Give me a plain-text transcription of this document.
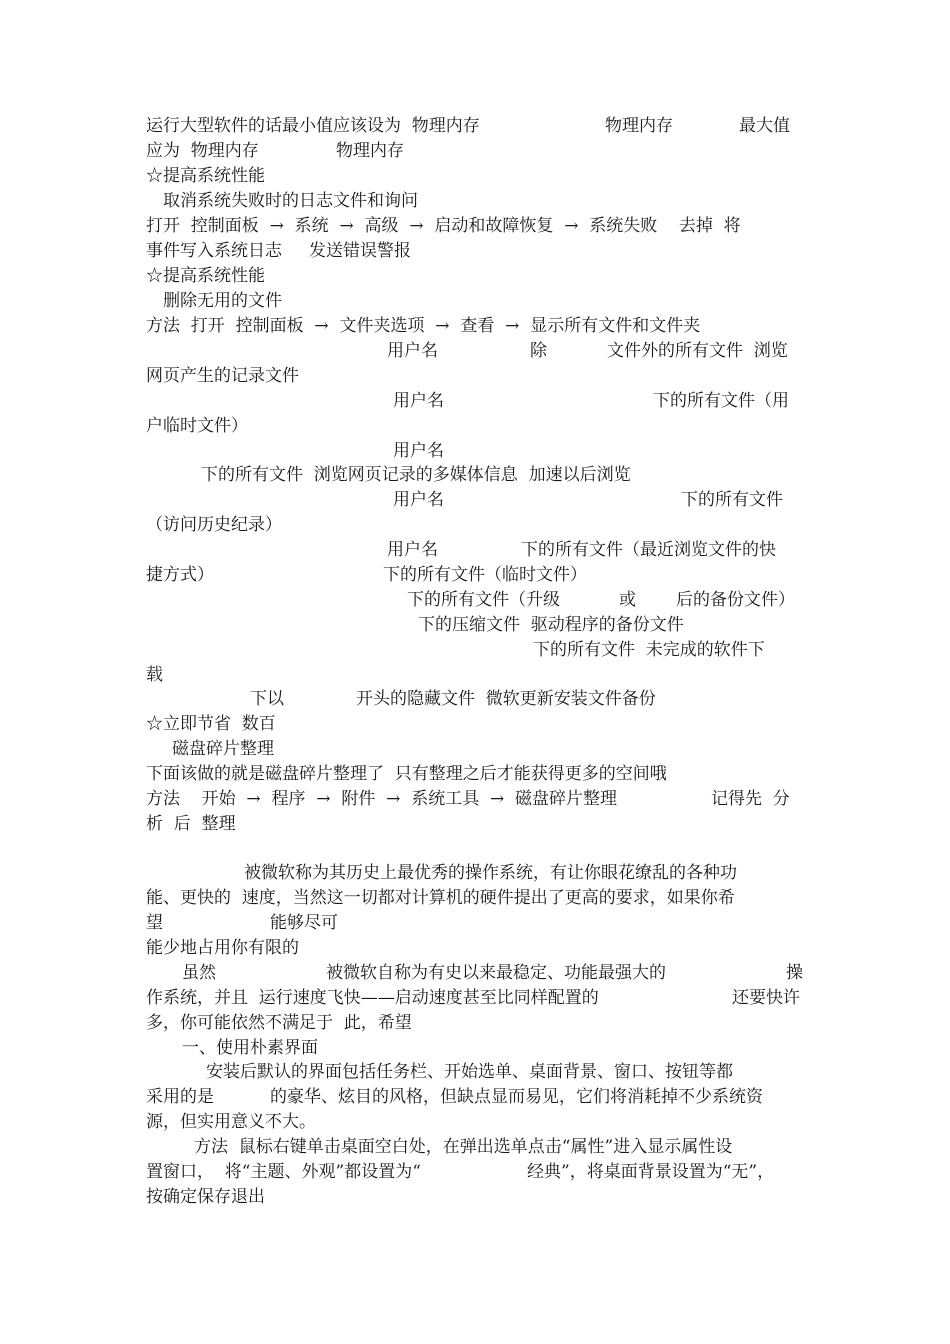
运行大型软件的话最小值应该设为  物理内存	物理内存	最大值
应为  物理内存	物理内存
☆提高系统性能
取消系统失败时的日志文件和询问
打开  控制面板  →  系统  →  高级  →  启动和故障恢复  →  系统失败    去掉  将
事件写入系统日志     发送错误警报
☆提高系统性能
删除无用的文件
方法  打开  控制面板  →  文件夹选项  →  查看  →  显示所有文件和文件夹
用户名	除	文件外的所有文件  浏览
网页产生的记录文件
用户名	下的所有文件（用
户临时文件）
用户名
下的所有文件  浏览网页记录的多媒体信息  加速以后浏览
用户名	下的所有文件
（访问历史纪录）
用户名	下的所有文件（最近浏览文件的快
捷方式）	下的所有文件（临时文件）
下的所有文件（升级	或 后的备份文件）
下的压缩文件  驱动程序的备份文件
下的所有文件  未完成的软件下
载
下以	开头的隐藏文件  微软更新安装文件备份
☆立即节省  数百
磁盘碎片整理
下面该做的就是磁盘碎片整理了  只有整理之后才能获得更多的空间哦
方法    开始  →  程序  →  附件  →  系统工具  →  磁盘碎片整理	记得先  分
析  后  整理
被微软称为其历史上最优秀的操作系统，有让你眼花缭乱的各种功
能、更快的  速度，当然这一切都对计算机的硬件提出了更高的要求，如果你希
望	能够尽可
能少地占用你有限的
虽然	被微软自称为有史以来最稳定、功能最强大的	操
作系统，并且  运行速度飞快——启动速度甚至比同样配置的	还要快许
多，你可能依然不满足于  此，希望
一、使用朴素界面
安装后默认的界面包括任务栏、开始选单、桌面背景、窗口、按钮等都
采用的是	的豪华、炫目的风格，但缺点显而易见，它们将消耗掉不少系统资
源，但实用意义不大。
方法  鼠标右键单击桌面空白处，在弹出选单点击“属性”进入显示属性设
置窗口，  将“主题、外观”都设置为“	经典”，将桌面背景设置为“无”，
按确定保存退出
